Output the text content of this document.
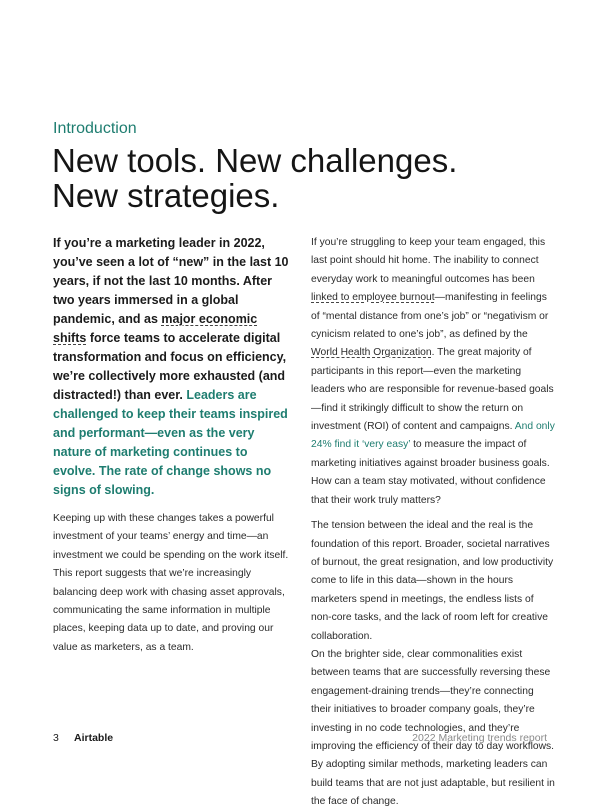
Introduction
New tools. New challenges.
New strategies.

If you’re a marketing leader in 2022, you’ve seen a lot of “new” in the last 10 years, if not the last 10 months. After two years immersed in a global pandemic, and as major economic shifts force teams to accelerate digital transformation and focus on efficiency, we’re collectively more exhausted (and distracted!) than ever. Leaders are challenged to keep their teams inspired and performant—even as the very nature of marketing continues to evolve. The rate of change shows no signs of slowing.

Keeping up with these changes takes a powerful investment of your teams’ energy and time—an investment we could be spending on the work itself. This report suggests that we’re increasingly balancing deep work with chasing asset approvals, communicating the same information in multiple places, keeping data up to date, and proving our value as marketers, as a team.

If you’re struggling to keep your team engaged, this last point should hit home. The inability to connect everyday work to meaningful outcomes has been linked to employee burnout—manifesting in feelings of “mental distance from one’s job” or “negativism or cynicism related to one’s job”, as defined by the World Health Organization. The great majority of participants in this report—even the marketing leaders who are responsible for revenue-based goals—find it strikingly difficult to show the return on investment (ROI) of content and campaigns. And only 24% find it ‘very easy’ to measure the impact of marketing initiatives against broader business goals. How can a team stay motivated, without confidence that their work truly matters?

The tension between the ideal and the real is the foundation of this report. Broader, societal narratives of burnout, the great resignation, and low productivity come to life in this data—shown in the hours marketers spend in meetings, the endless lists of non-core tasks, and the lack of room left for creative collaboration.

On the brighter side, clear commonalities exist between teams that are successfully reversing these engagement-draining trends—they’re connecting their initiatives to broader company goals, they’re investing in no code technologies, and they’re improving the efficiency of their day to day workflows. By adopting similar methods, marketing leaders can build teams that are not just adaptable, but resilient in the face of change.

3 Airtable	2022 Marketing trends report
